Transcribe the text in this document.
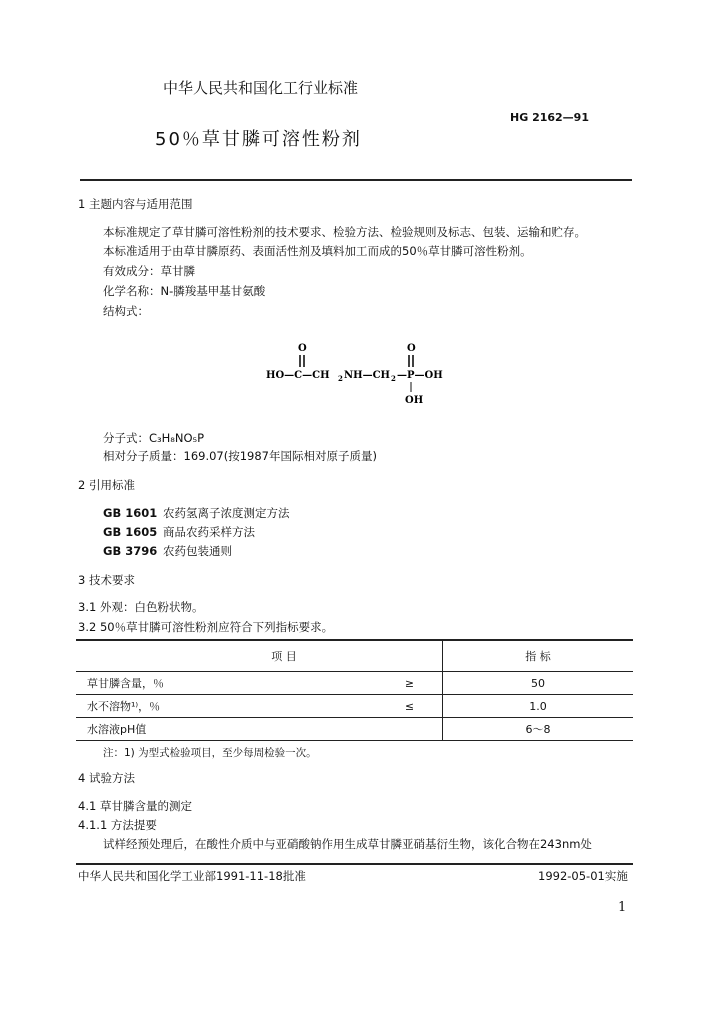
中华人民共和国化工行业标准
HG 2162—91
50％草甘膦可溶性粉剂
1 主题内容与适用范围
本标准规定了草甘膦可溶性粉剂的技术要求、检验方法、检验规则及标志、包装、运输和贮存。
本标准适用于由草甘膦原药、表面活性剂及填料加工而成的50％草甘膦可溶性粉剂。
有效成分：草甘膦
化学名称：N-膦羧基甲基甘氨酸
结构式：
O	O
HO—C—CH 2 NH—CH 2 —P—OH
OH
分子式：C₃H₈NO₅P
相对分子质量：169.07(按1987年国际相对原子质量)
2 引用标准
GB 1601 农药氢离子浓度测定方法
GB 1605 商品农药采样方法
GB 3796 农药包装通则
3 技术要求
3.1 外观：白色粉状物。
3.2 50％草甘膦可溶性粉剂应符合下列指标要求。
项 目		指 标
草甘膦含量，％	≥	50
水不溶物¹⁾，％	≤	1.0
水溶液pH值		6～8
注：1) 为型式检验项目，至少每周检验一次。
4 试验方法
4.1 草甘膦含量的测定
4.1.1 方法提要
试样经预处理后，在酸性介质中与亚硝酸钠作用生成草甘膦亚硝基衍生物，该化合物在243nm处
中华人民共和国化学工业部1991-11-18批准	1992-05-01实施
1
